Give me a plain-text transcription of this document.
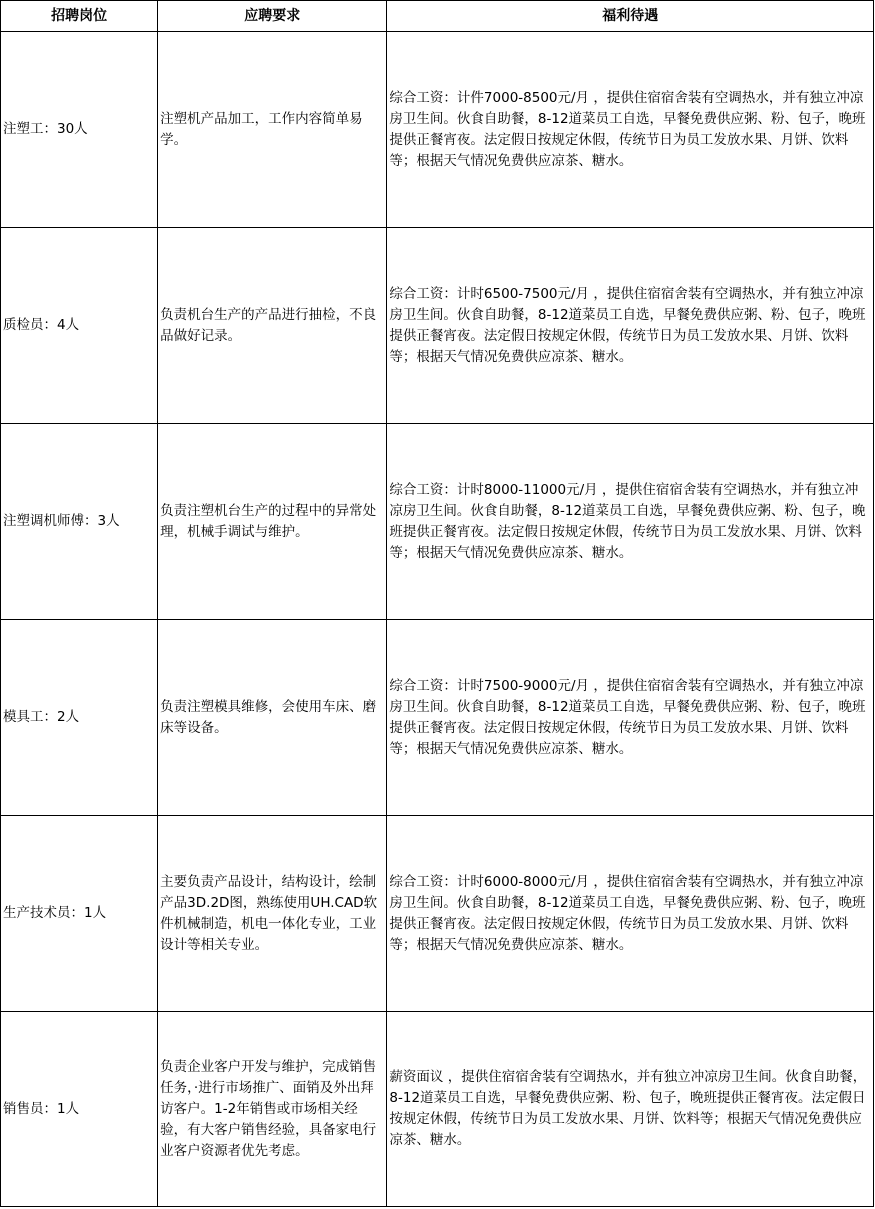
招聘岗位	应聘要求	福利待遇
注塑工：30人	注塑机产品加工，工作内容简单易学。	综合工资：计件7000-8500元/月 ，提供住宿宿舍装有空调热水，并有独立冲凉房卫生间。伙食自助餐，8-12道菜员工自选，早餐免费供应粥、粉、包子，晚班提供正餐宵夜。法定假日按规定休假，传统节日为员工发放水果、月饼、饮料等；根据天气情况免费供应凉茶、糖水。
质检员：4人	负责机台生产的产品进行抽检，不良品做好记录。	综合工资：计时6500-7500元/月 ，提供住宿宿舍装有空调热水，并有独立冲凉房卫生间。伙食自助餐，8-12道菜员工自选，早餐免费供应粥、粉、包子，晚班提供正餐宵夜。法定假日按规定休假，传统节日为员工发放水果、月饼、饮料等；根据天气情况免费供应凉茶、糖水。
注塑调机师傅：3人	负责注塑机台生产的过程中的异常处理，机械手调试与维护。	综合工资：计时8000-11000元/月 ，提供住宿宿舍装有空调热水，并有独立冲凉房卫生间。伙食自助餐，8-12道菜员工自选，早餐免费供应粥、粉、包子，晚班提供正餐宵夜。法定假日按规定休假，传统节日为员工发放水果、月饼、饮料等；根据天气情况免费供应凉茶、糖水。
模具工：2人	负责注塑模具维修，会使用车床、磨床等设备。	综合工资：计时7500-9000元/月 ，提供住宿宿舍装有空调热水，并有独立冲凉房卫生间。伙食自助餐，8-12道菜员工自选，早餐免费供应粥、粉、包子，晚班提供正餐宵夜。法定假日按规定休假，传统节日为员工发放水果、月饼、饮料等；根据天气情况免费供应凉茶、糖水。
生产技术员：1人	主要负责产品设计，结构设计，绘制产品3D.2D图，熟练使用UH.CAD软件机械制造，机电一体化专业，工业设计等相关专业。	综合工资：计时6000-8000元/月 ，提供住宿宿舍装有空调热水，并有独立冲凉房卫生间。伙食自助餐，8-12道菜员工自选，早餐免费供应粥、粉、包子，晚班提供正餐宵夜。法定假日按规定休假，传统节日为员工发放水果、月饼、饮料等；根据天气情况免费供应凉茶、糖水。
销售员：1人	负责企业客户开发与维护，完成销售任务，·进行市场推广、面销及外出拜访客户。1-2年销售或市场相关经验，有大客户销售经验，具备家电行业客户资源者优先考虑。	薪资面议 ，提供住宿宿舍装有空调热水，并有独立冲凉房卫生间。伙食自助餐，8-12道菜员工自选，早餐免费供应粥、粉、包子，晚班提供正餐宵夜。法定假日按规定休假，传统节日为员工发放水果、月饼、饮料等；根据天气情况免费供应凉茶、糖水。
